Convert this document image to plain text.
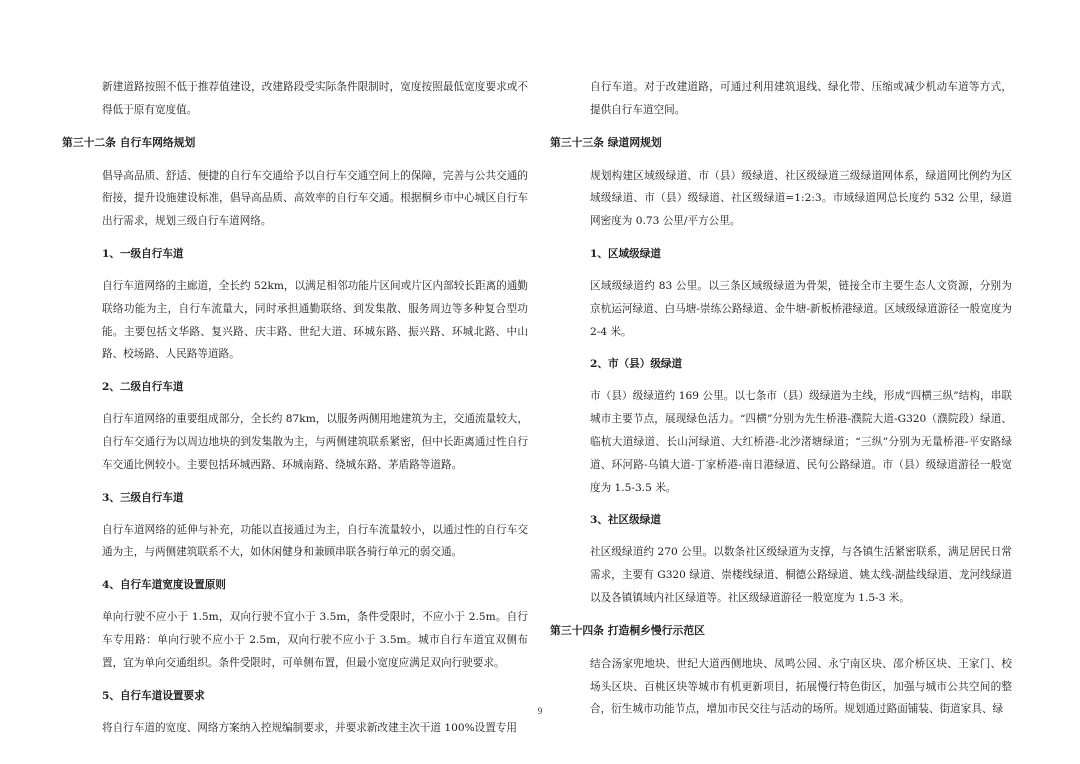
新建道路按照不低于推荐值建设，改建路段受实际条件限制时，宽度按照最低宽度要求或不得低于原有宽度值。

第三十二条 自行车网络规划

倡导高品质、舒适、便捷的自行车交通给予以自行车交通空间上的保障，完善与公共交通的衔接，提升设施建设标准，倡导高品质、高效率的自行车交通。根据桐乡市中心城区自行车出行需求，规划三级自行车道网络。

1、一级自行车道

自行车道网络的主廊道，全长约 52km，以满足相邻功能片区间或片区内部较长距离的通勤联络功能为主，自行车流量大，同时承担通勤联络、到发集散、服务周边等多种复合型功能。主要包括文华路、复兴路、庆丰路、世纪大道、环城东路、振兴路、环城北路、中山路、校场路、人民路等道路。

2、二级自行车道

自行车道网络的重要组成部分，全长约 87km，以服务两侧用地建筑为主，交通流量较大，自行车交通行为以周边地块的到发集散为主，与两侧建筑联系紧密，但中长距离通过性自行车交通比例较小。主要包括环城西路、环城南路、绕城东路、茅盾路等道路。

3、三级自行车道

自行车道网络的延伸与补充，功能以直接通过为主，自行车流量较小，以通过性的自行车交通为主，与两侧建筑联系不大，如休闲健身和兼顾串联各骑行单元的弱交通。

4、自行车道宽度设置原则

单向行驶不应小于 1.5m，双向行驶不宜小于 3.5m，条件受限时，不应小于 2.5m。自行车专用路：单向行驶不应小于 2.5m，双向行驶不应小于 3.5m。城市自行车道宜双侧布置，宜为单向交通组织。条件受限时，可单侧布置，但最小宽度应满足双向行驶要求。

5、自行车道设置要求

将自行车道的宽度、网络方案纳入控规编制要求，并要求新改建主次干道 100%设置专用

自行车道。对于改建道路，可通过利用建筑退线、绿化带、压缩或减少机动车道等方式，提供自行车道空间。

第三十三条 绿道网规划

规划构建区域级绿道、市（县）级绿道、社区级绿道三级绿道网体系，绿道网比例约为区域级绿道、市（县）级绿道、社区级绿道=1:2:3。市域绿道网总长度约 532 公里，绿道网密度为 0.73 公里/平方公里。

1、区域级绿道

区域级绿道约 83 公里。以三条区域级绿道为骨架，链接全市主要生态人文资源，分别为京杭运河绿道、白马塘-崇练公路绿道、金牛塘-新板桥港绿道。区域级绿道游径一般宽度为 2-4 米。

2、市（县）级绿道

市（县）级绿道约 169 公里。以七条市（县）级绿道为主线，形成“四横三纵”结构，串联城市主要节点，展现绿色活力。“四横”分别为先生桥港-濮院大道-G320（濮院段）绿道、临杭大道绿道、长山河绿道、大红桥港-北沙渚塘绿道；“三纵”分别为无量桥港-平安路绿道、环河路-乌镇大道-丁家桥港-南日港绿道、民句公路绿道。市（县）级绿道游径一般宽度为 1.5-3.5 米。

3、社区级绿道

社区级绿道约 270 公里。以数条社区级绿道为支撑，与各镇生活紧密联系，满足居民日常需求，主要有 G320 绿道、崇楼线绿道、桐德公路绿道、姚太线-湖盐线绿道、龙河线绿道以及各镇镇域内社区绿道等。社区级绿道游径一般宽度为 1.5-3 米。

第三十四条 打造桐乡慢行示范区

结合汤家兜地块、世纪大道西侧地块、凤鸣公园、永宁南区块、邵介桥区块、王家门、校场头区块、百桃区块等城市有机更新项目，拓展慢行特色街区，加强与城市公共空间的整合，衍生城市功能节点，增加市民交往与活动的场所。规划通过路面铺装、街道家具、绿

9
